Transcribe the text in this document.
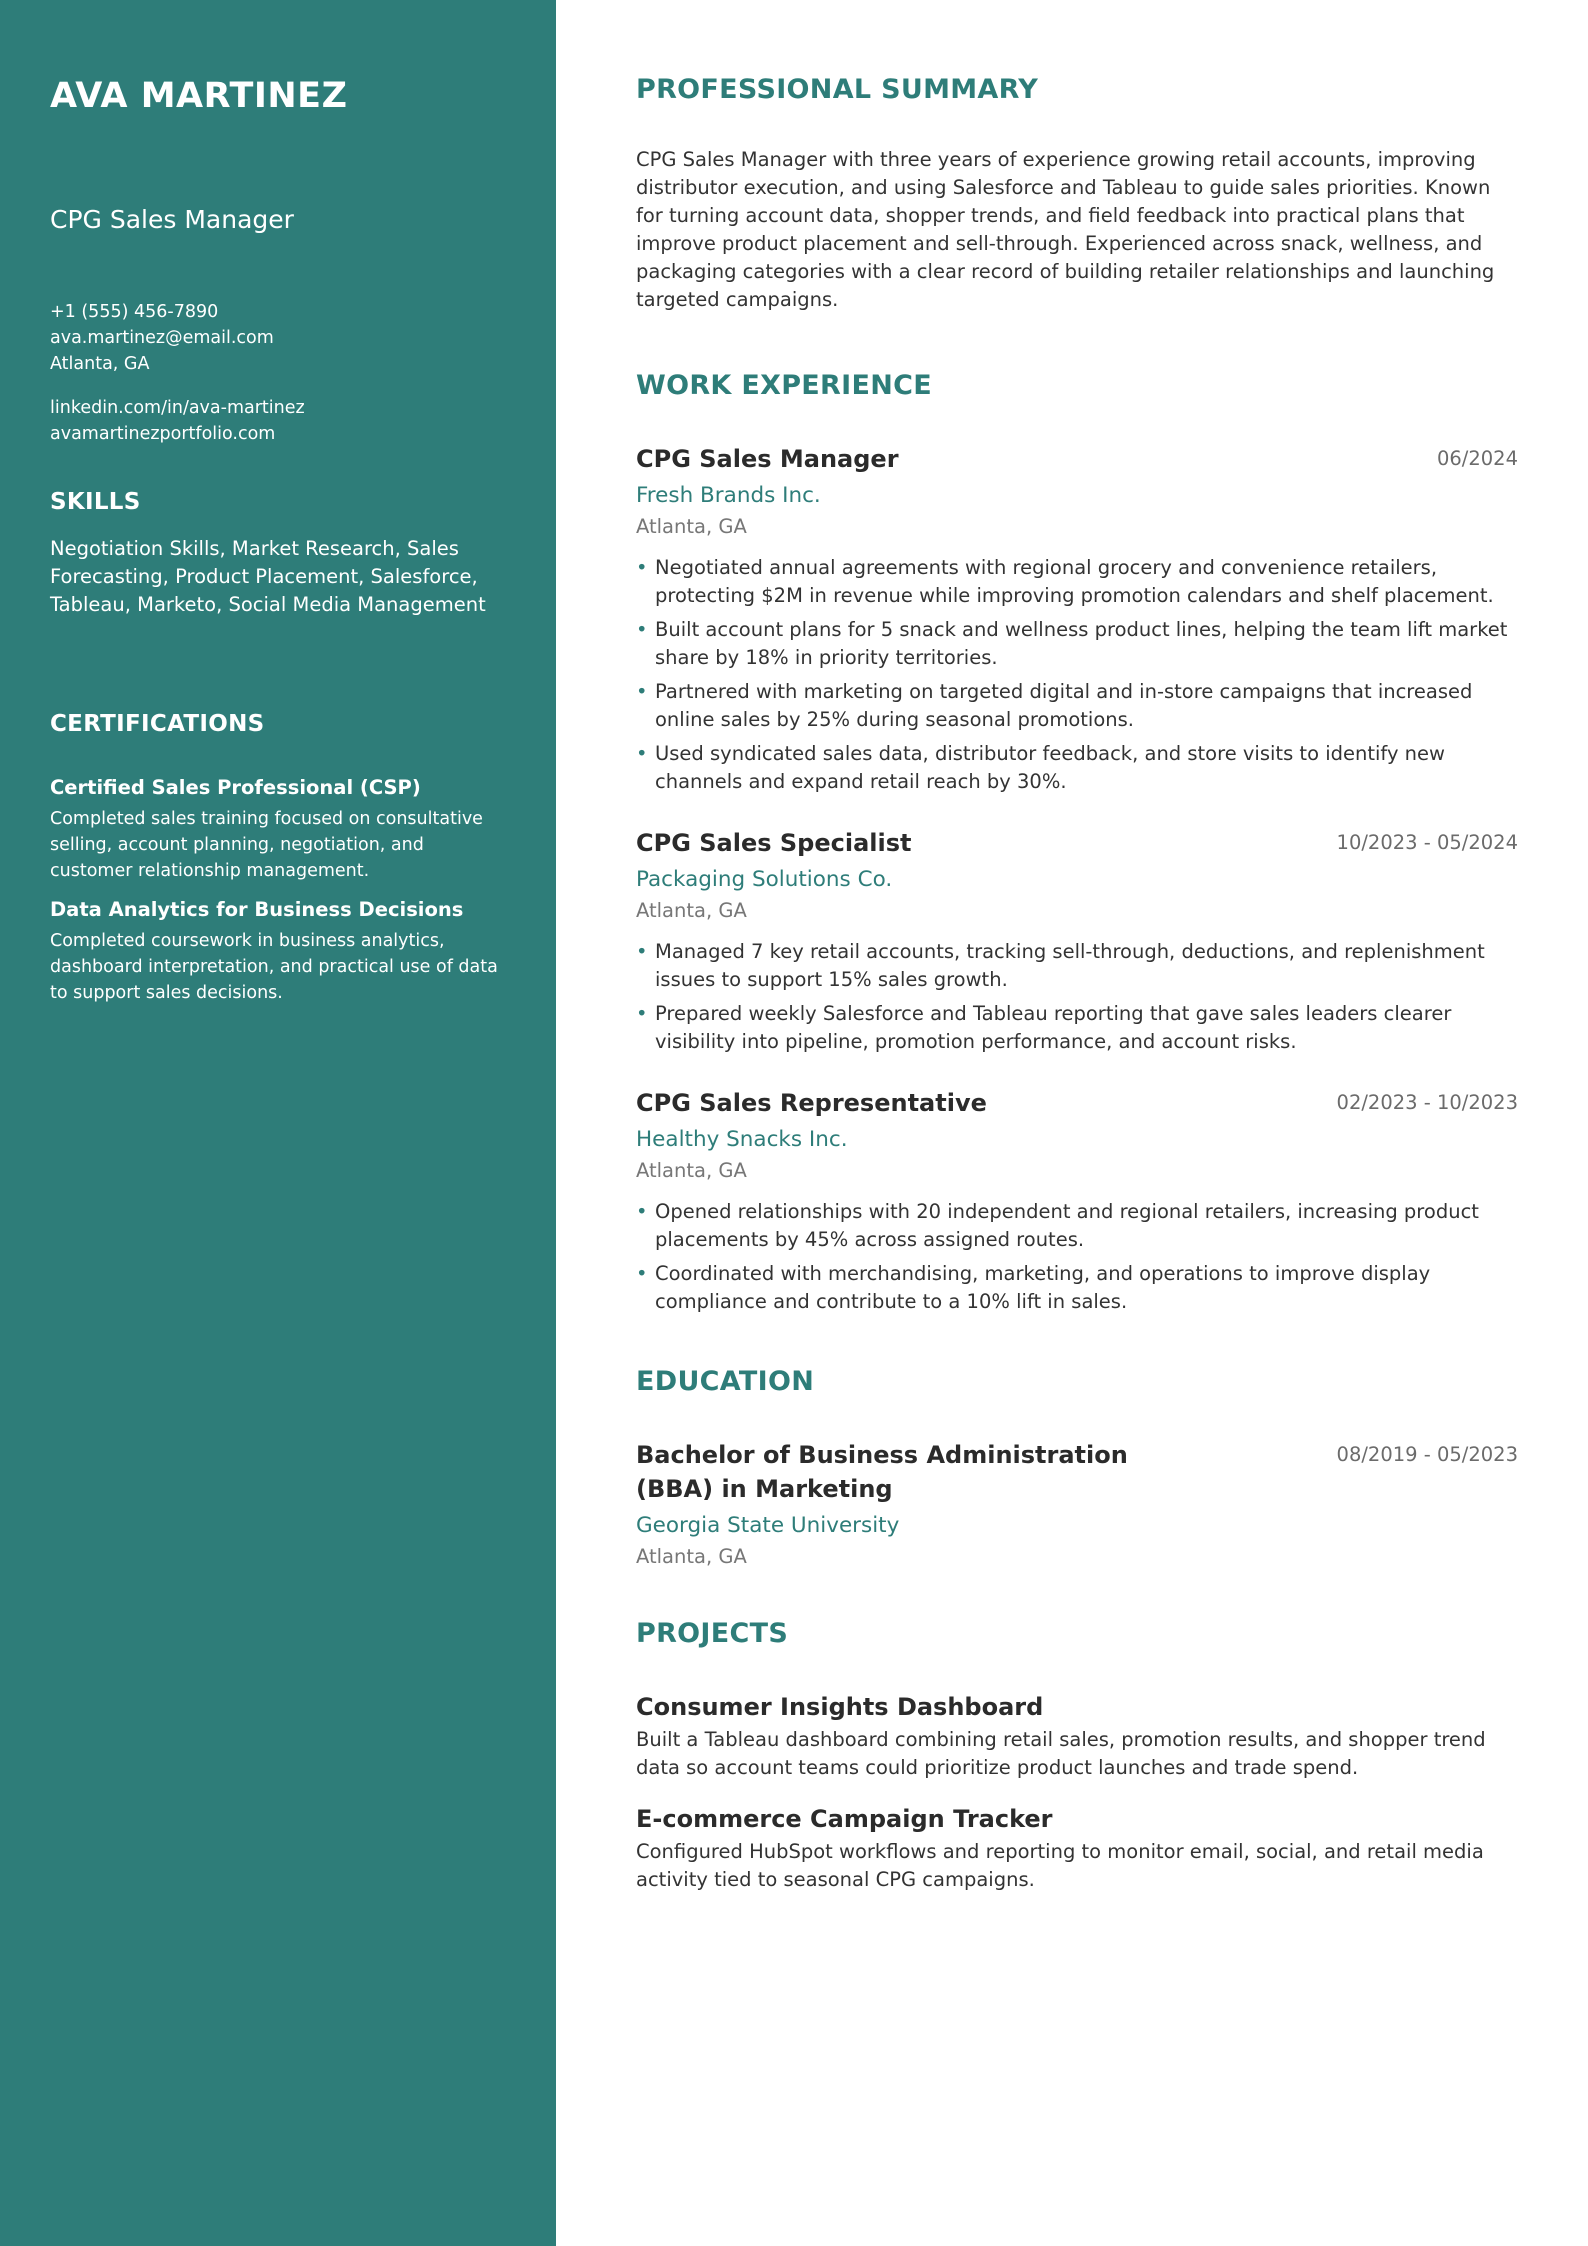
AVA MARTINEZ
CPG Sales Manager
+1 (555) 456-7890
ava.martinez@email.com
Atlanta, GA
linkedin.com/in/ava-martinez
avamartinezportfolio.com
SKILLS
Negotiation Skills, Market Research, Sales Forecasting, Product Placement, Salesforce, Tableau, Marketo, Social Media Management
CERTIFICATIONS
Certified Sales Professional (CSP)
Completed sales training focused on consultative selling, account planning, negotiation, and customer relationship management.
Data Analytics for Business Decisions
Completed coursework in business analytics, dashboard interpretation, and practical use of data to support sales decisions.
PROFESSIONAL SUMMARY

CPG Sales Manager with three years of experience growing retail accounts, improving distributor execution, and using Salesforce and Tableau to guide sales priorities. Known for turning account data, shopper trends, and field feedback into practical plans that improve product placement and sell-through. Experienced across snack, wellness, and packaging categories with a clear record of building retailer relationships and launching targeted campaigns.

WORK EXPERIENCE
CPG Sales Manager	06/2024
Fresh Brands Inc.
Atlanta, GA
• Negotiated annual agreements with regional grocery and convenience retailers, protecting $2M in revenue while improving promotion calendars and shelf placement.
• Built account plans for 5 snack and wellness product lines, helping the team lift market share by 18% in priority territories.
• Partnered with marketing on targeted digital and in-store campaigns that increased online sales by 25% during seasonal promotions.
• Used syndicated sales data, distributor feedback, and store visits to identify new channels and expand retail reach by 30%.
CPG Sales Specialist	10/2023 - 05/2024
Packaging Solutions Co.
Atlanta, GA
• Managed 7 key retail accounts, tracking sell-through, deductions, and replenishment issues to support 15% sales growth.
• Prepared weekly Salesforce and Tableau reporting that gave sales leaders clearer visibility into pipeline, promotion performance, and account risks.
CPG Sales Representative	02/2023 - 10/2023
Healthy Snacks Inc.
Atlanta, GA
• Opened relationships with 20 independent and regional retailers, increasing product placements by 45% across assigned routes.
• Coordinated with merchandising, marketing, and operations to improve display compliance and contribute to a 10% lift in sales.
EDUCATION
Bachelor of Business Administration (BBA) in Marketing
08/2019 - 05/2023
Georgia State University
Atlanta, GA
PROJECTS
Consumer Insights Dashboard
Built a Tableau dashboard combining retail sales, promotion results, and shopper trend data so account teams could prioritize product launches and trade spend.
E-commerce Campaign Tracker
Configured HubSpot workflows and reporting to monitor email, social, and retail media activity tied to seasonal CPG campaigns.
